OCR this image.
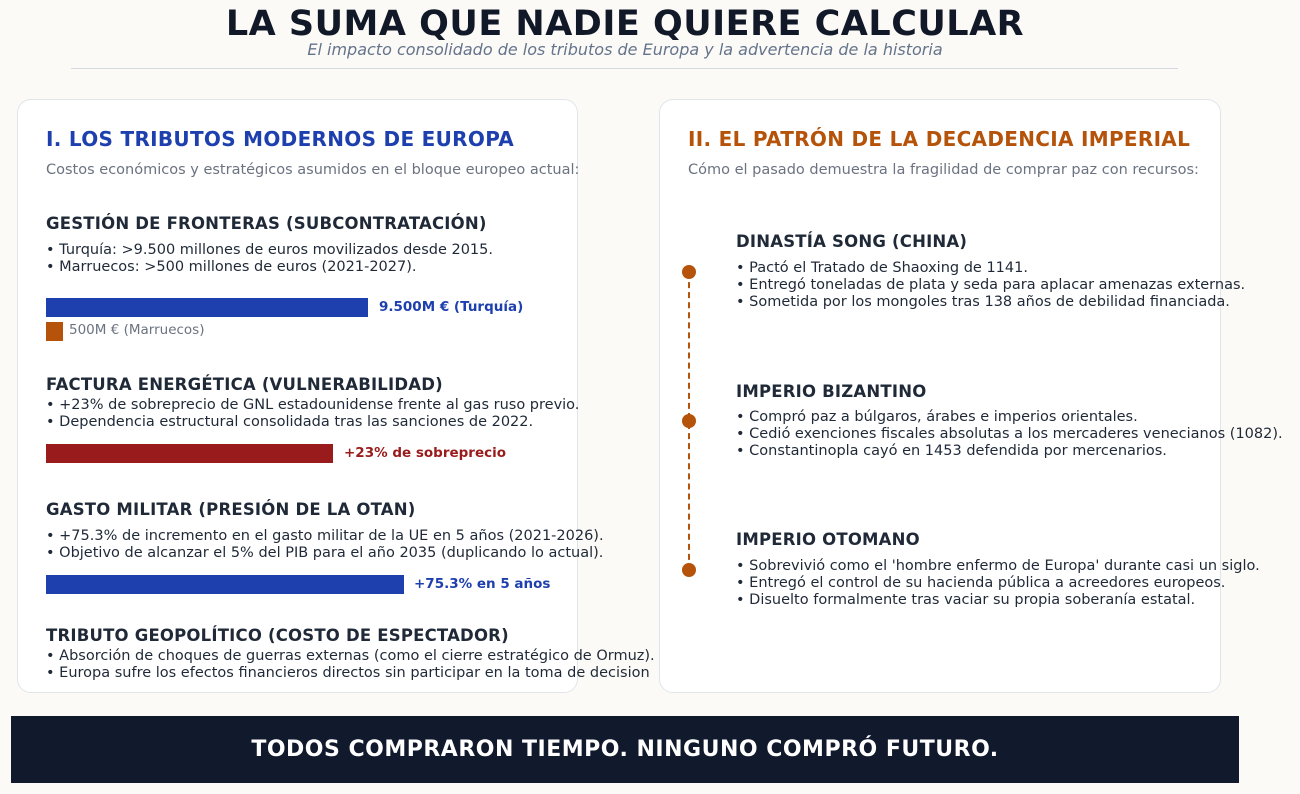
LA SUMA QUE NADIE QUIERE CALCULAR
El impacto consolidado de los tributos de Europa y la advertencia de la historia
I. LOS TRIBUTOS MODERNOS DE EUROPA
Costos económicos y estratégicos asumidos en el bloque europeo actual:
GESTIÓN DE FRONTERAS (SUBCONTRATACIÓN)
• Turquía: >9.500 millones de euros movilizados desde 2015.
• Marruecos: >500 millones de euros (2021-2027).
9.500M € (Turquía)
500M € (Marruecos)
FACTURA ENERGÉTICA (VULNERABILIDAD)
• +23% de sobreprecio de GNL estadounidense frente al gas ruso previo.
• Dependencia estructural consolidada tras las sanciones de 2022.
+23% de sobreprecio
GASTO MILITAR (PRESIÓN DE LA OTAN)
• +75.3% de incremento en el gasto militar de la UE en 5 años (2021-2026).
• Objetivo de alcanzar el 5% del PIB para el año 2035 (duplicando lo actual).
+75.3% en 5 años
TRIBUTO GEOPOLÍTICO (COSTO DE ESPECTADOR)
• Absorción de choques de guerras externas (como el cierre estratégico de Ormuz).
• Europa sufre los efectos financieros directos sin participar en la toma de decision
II. EL PATRÓN DE LA DECADENCIA IMPERIAL
Cómo el pasado demuestra la fragilidad de comprar paz con recursos:
DINASTÍA SONG (CHINA)
• Pactó el Tratado de Shaoxing de 1141.
• Entregó toneladas de plata y seda para aplacar amenazas externas.
• Sometida por los mongoles tras 138 años de debilidad financiada.
IMPERIO BIZANTINO
• Compró paz a búlgaros, árabes e imperios orientales.
• Cedió exenciones fiscales absolutas a los mercaderes venecianos (1082).
• Constantinopla cayó en 1453 defendida por mercenarios.
IMPERIO OTOMANO
• Sobrevivió como el 'hombre enfermo de Europa' durante casi un siglo.
• Entregó el control de su hacienda pública a acreedores europeos.
• Disuelto formalmente tras vaciar su propia soberanía estatal.
TODOS COMPRARON TIEMPO. NINGUNO COMPRÓ FUTURO.
